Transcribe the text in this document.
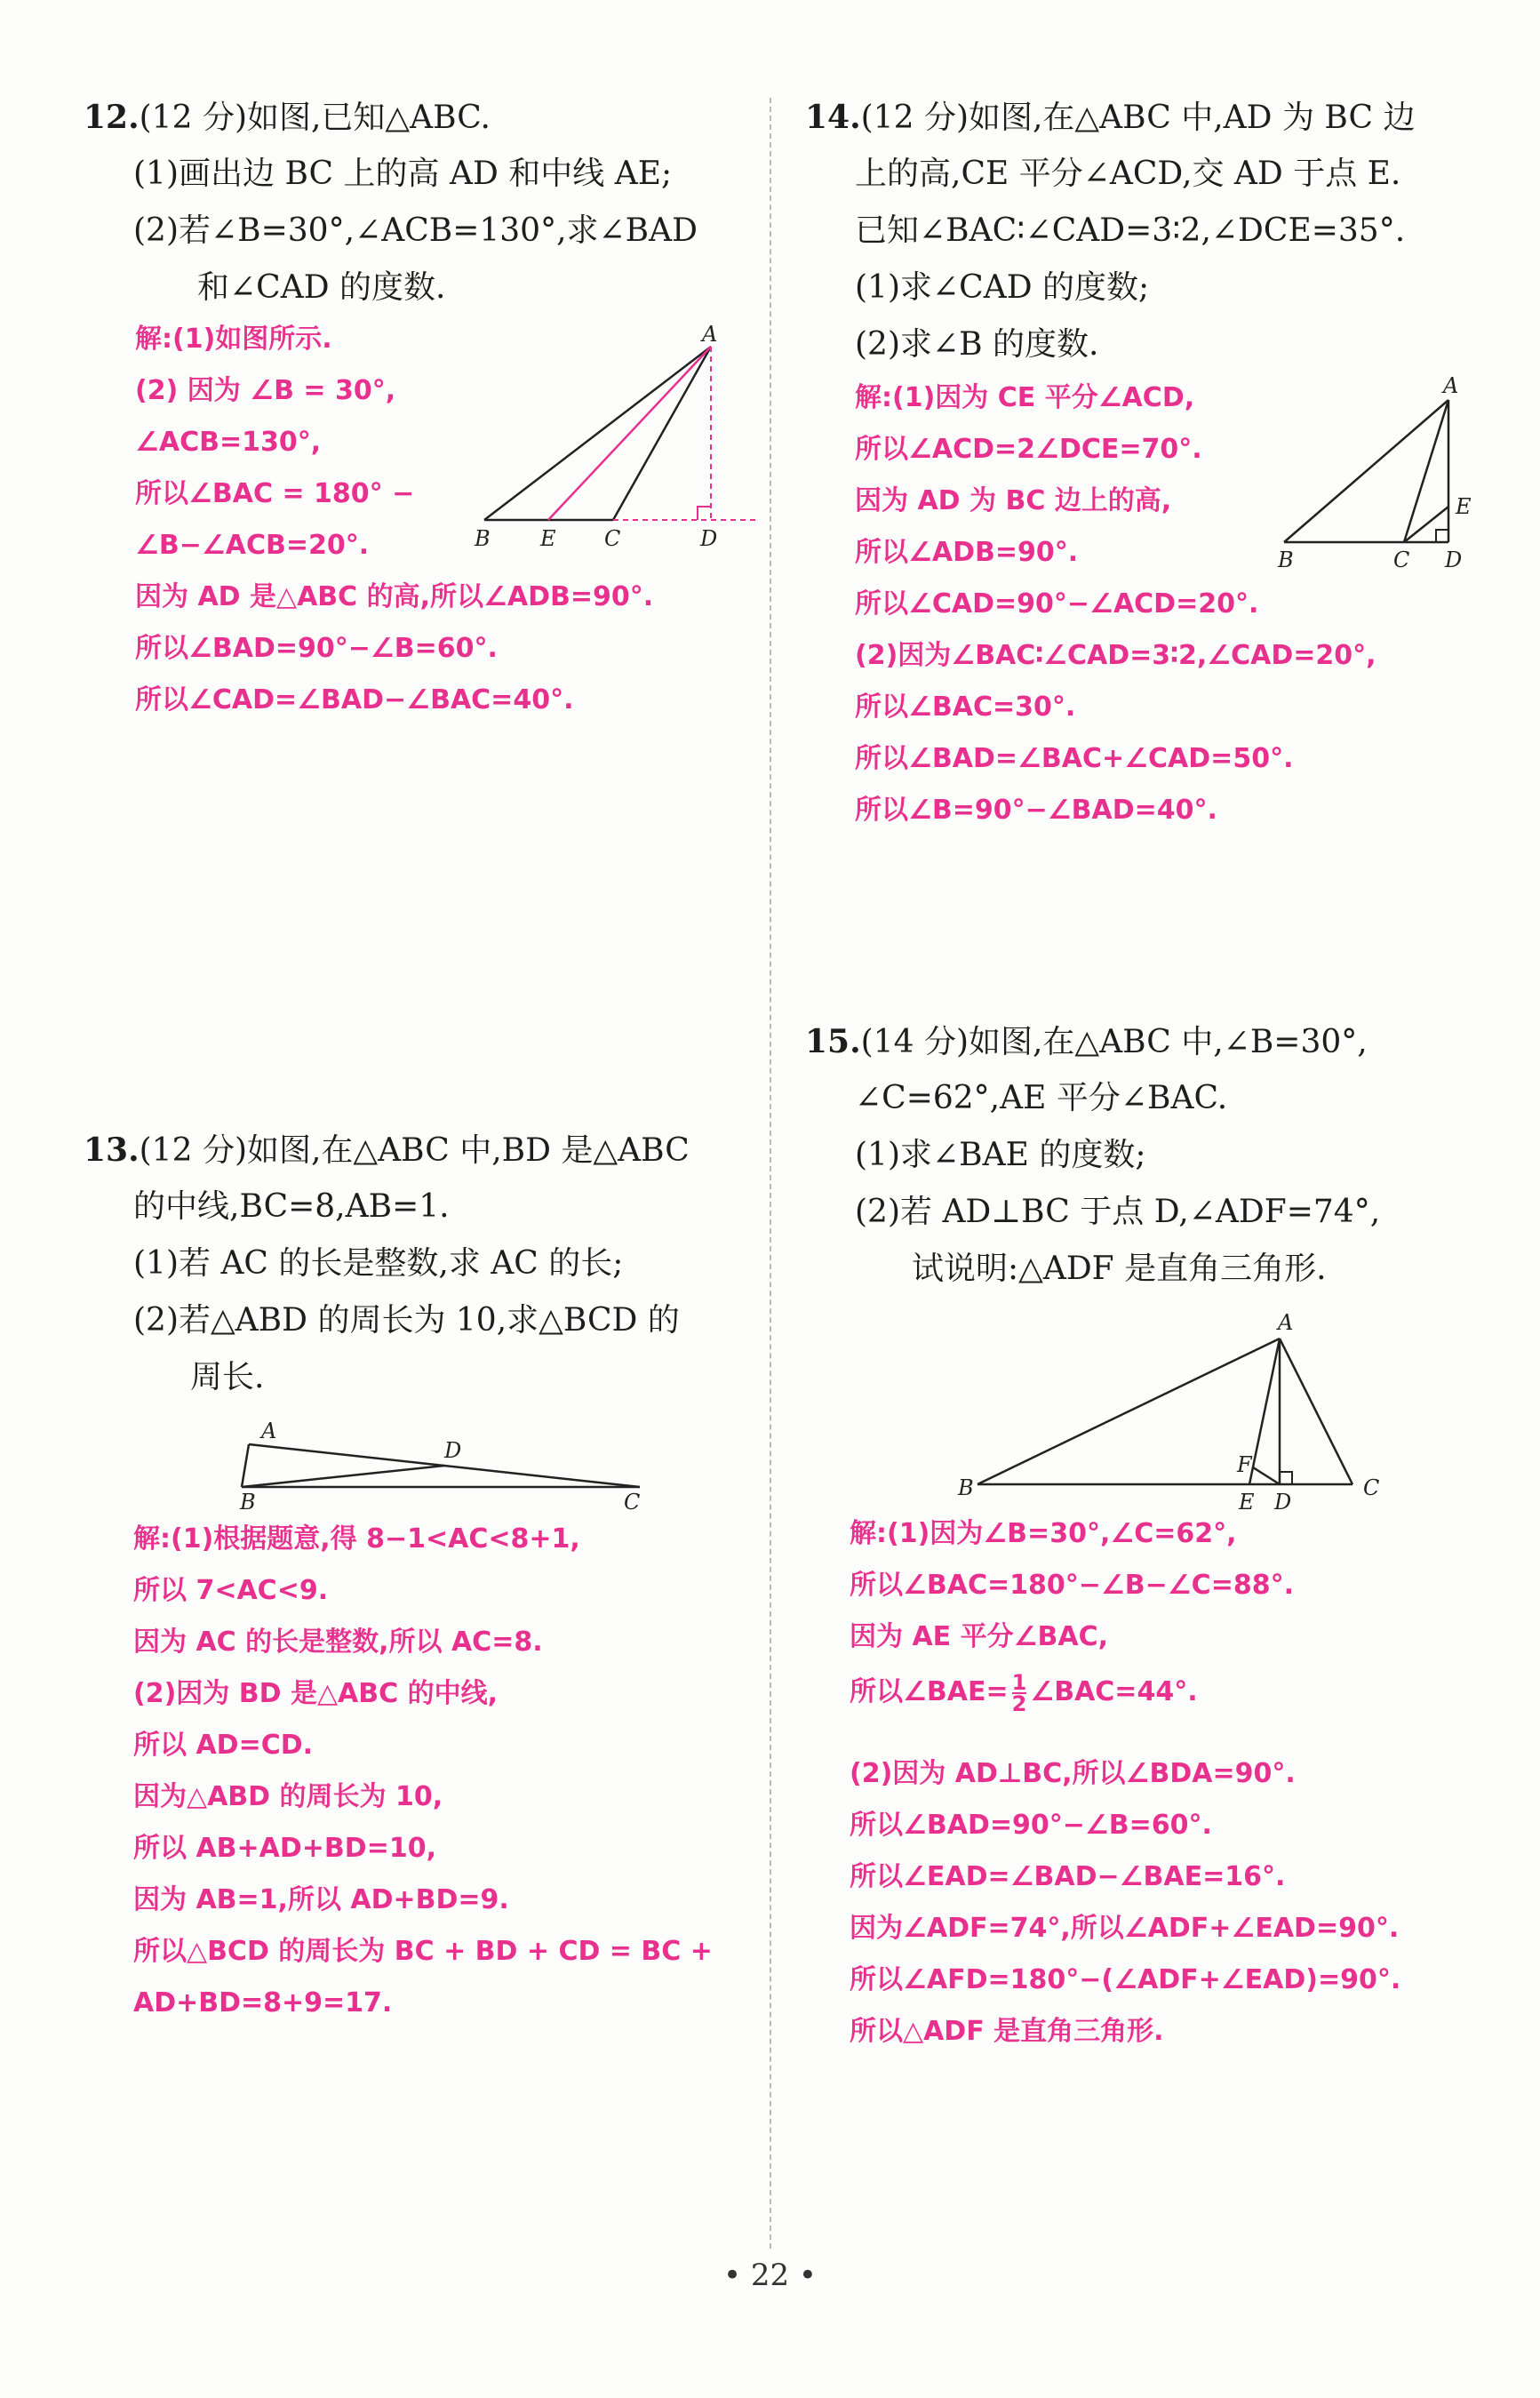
12.(12 分)如图,已知△ABC.
(1)画出边 BC 上的高 AD 和中线 AE;
(2)若∠B=30°,∠ACB=130°,求∠BAD
和∠CAD 的度数.
解:(1)如图所示.
(2) 因为 ∠B = 30°,
∠ACB=130°,
所以∠BAC = 180° −
∠B−∠ACB=20°.
因为 AD 是△ABC 的高,所以∠ADB=90°.
所以∠BAD=90°−∠B=60°.
所以∠CAD=∠BAD−∠BAC=40°.
A
B E C	D
13.(12 分)如图,在△ABC 中,BD 是△ABC
的中线,BC=8,AB=1.
(1)若 AC 的长是整数,求 AC 的长;
(2)若△ABD 的周长为 10,求△BCD 的
周长.
A
D
B	C
解:(1)根据题意,得 8−1<AC<8+1,
所以 7<AC<9.
因为 AC 的长是整数,所以 AC=8.
(2)因为 BD 是△ABC 的中线,
所以 AD=CD.
因为△ABD 的周长为 10,
所以 AB+AD+BD=10,
因为 AB=1,所以 AD+BD=9.
所以△BCD 的周长为 BC + BD + CD = BC +
AD+BD=8+9=17.
14.(12 分)如图,在△ABC 中,AD 为 BC 边
上的高,CE 平分∠ACD,交 AD 于点 E.
已知∠BAC∶∠CAD=3∶2,∠DCE=35°.
(1)求∠CAD 的度数;
(2)求∠B 的度数.
解:(1)因为 CE 平分∠ACD,
所以∠ACD=2∠DCE=70°.
因为 AD 为 BC 边上的高,
所以∠ADB=90°.
所以∠CAD=90°−∠ACD=20°.
(2)因为∠BAC∶∠CAD=3∶2,∠CAD=20°,
所以∠BAC=30°.
所以∠BAD=∠BAC+∠CAD=50°.
所以∠B=90°−∠BAD=40°.
A
E
B	C D
15.(14 分)如图,在△ABC 中,∠B=30°,
∠C=62°,AE 平分∠BAC.
(1)求∠BAE 的度数;
(2)若 AD⊥BC 于点 D,∠ADF=74°,
试说明:△ADF 是直角三角形.
A
F
B
E D
C
解:(1)因为∠B=30°,∠C=62°,
所以∠BAC=180°−∠B−∠C=88°.
因为 AE 平分∠BAC,
所以∠BAE= $\frac{1}{2}$ ∠BAC=44°.
(2)因为 AD⊥BC,所以∠BDA=90°.
所以∠BAD=90°−∠B=60°.
所以∠EAD=∠BAD−∠BAE=16°.
因为∠ADF=74°,所以∠ADF+∠EAD=90°.
所以∠AFD=180°−(∠ADF+∠EAD)=90°.
所以△ADF 是直角三角形.
• 22 •
